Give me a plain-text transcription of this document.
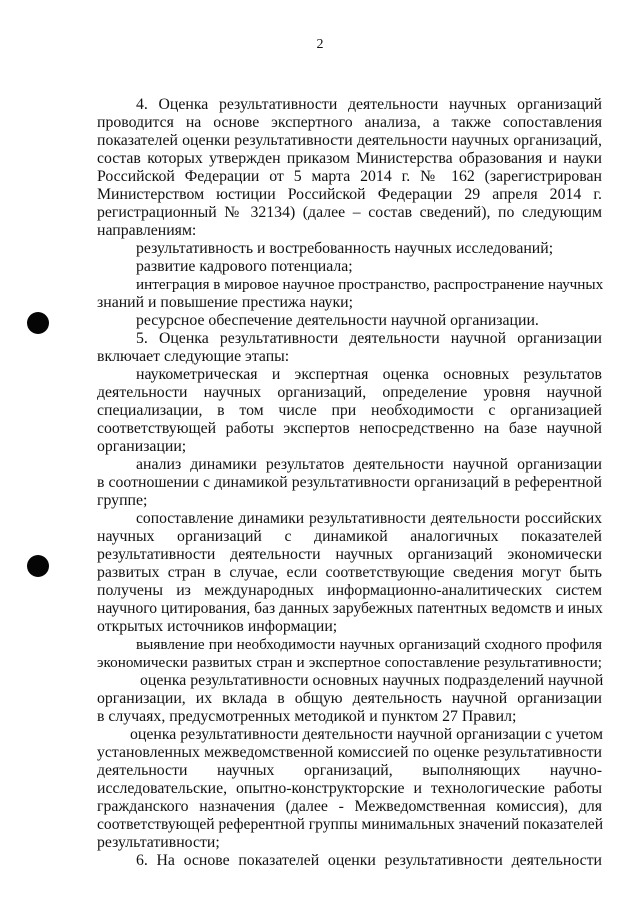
2
4. Оценка результативности деятельности научных организаций
проводится на основе экспертного анализа, а также сопоставления
показателей оценки результативности деятельности научных организаций,
состав которых утвержден приказом Министерства образования и науки
Российской Федерации от 5 марта 2014 г. № 162 (зарегистрирован
Министерством юстиции Российской Федерации 29 апреля 2014 г.
регистрационный № 32134) (далее – состав сведений), по следующим
направлениям:
результативность и востребованность научных исследований;
развитие кадрового потенциала;
интеграция в мировое научное пространство, распространение научных
знаний и повышение престижа науки;
ресурсное обеспечение деятельности научной организации.
5. Оценка результативности деятельности научной организации
включает следующие этапы:
наукометрическая и экспертная оценка основных результатов
деятельности научных организаций, определение уровня научной
специализации, в том числе при необходимости с организацией
соответствующей работы экспертов непосредственно на базе научной
организации;
анализ динамики результатов деятельности научной организации
в соотношении с динамикой результативности организаций в референтной
группе;
сопоставление динамики результативности деятельности российских
научных организаций с динамикой аналогичных показателей
результативности деятельности научных организаций экономически
развитых стран в случае, если соответствующие сведения могут быть
получены из международных информационно-аналитических систем
научного цитирования, баз данных зарубежных патентных ведомств и иных
открытых источников информации;
выявление при необходимости научных организаций сходного профиля
экономически развитых стран и экспертное сопоставление результативности;
оценка результативности основных научных подразделений научной
организации, их вклада в общую деятельность научной организации
в случаях, предусмотренных методикой и пунктом 27 Правил;
оценка результативности деятельности научной организации с учетом
установленных межведомственной комиссией по оценке результативности
деятельности научных организаций, выполняющих научно-
исследовательские, опытно-конструкторские и технологические работы
гражданского назначения (далее - Межведомственная комиссия), для
соответствующей референтной группы минимальных значений показателей
результативности;
6. На основе показателей оценки результативности деятельности
